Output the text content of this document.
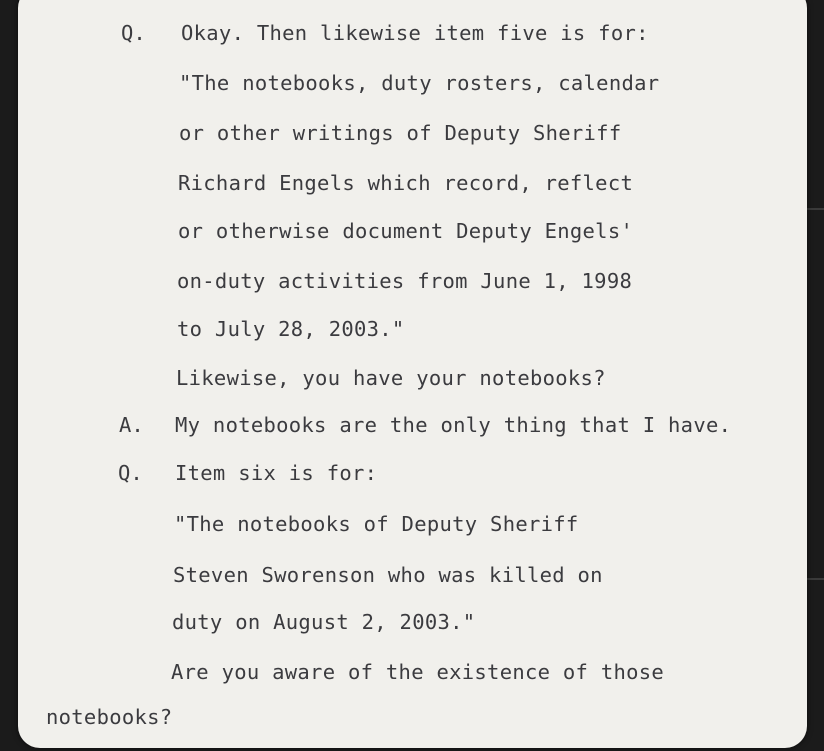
Q. Okay. Then likewise item five is for:
"The notebooks, duty rosters, calendar
or other writings of Deputy Sheriff
Richard Engels which record, reflect
or otherwise document Deputy Engels'
on-duty activities from June 1, 1998
to July 28, 2003."
Likewise, you have your notebooks?
A. My notebooks are the only thing that I have.
Q. Item six is for:
"The notebooks of Deputy Sheriff
Steven Sworenson who was killed on
duty on August 2, 2003."
Are you aware of the existence of those
notebooks?
